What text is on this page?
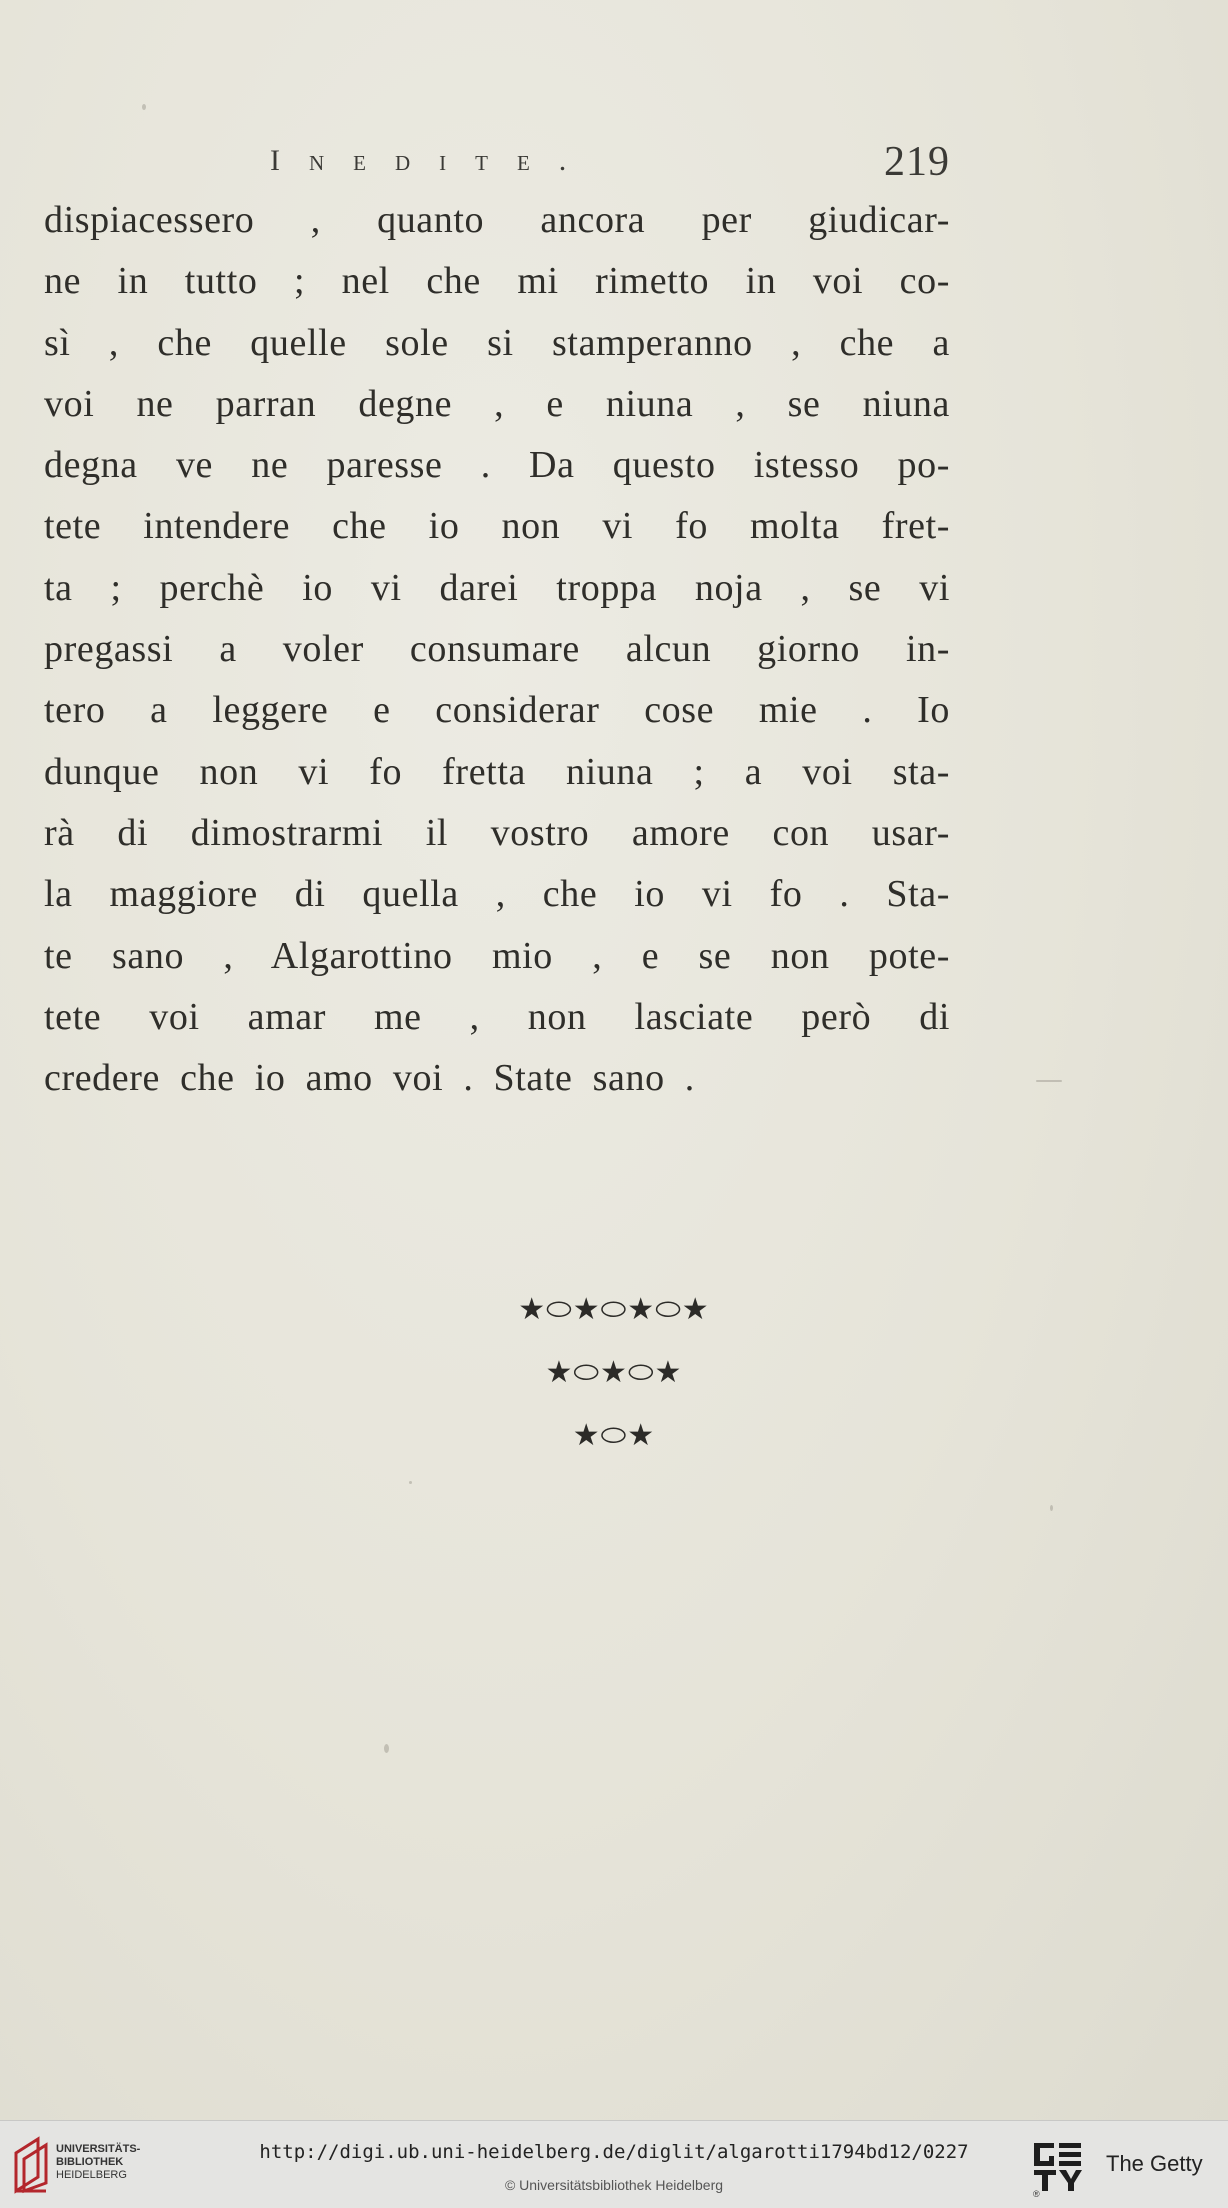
Inedite.	219
dispiacessero , quanto ancora per giudicar-
ne in tutto ; nel che mi rimetto in voi co-
sì , che quelle sole si stamperanno , che a
voi ne parran degne , e niuna , se niuna
degna ve ne paresse . Da questo istesso po-
tete intendere che io non vi fo molta fret-
ta ; perchè io vi darei troppa noja , se vi
pregassi a voler consumare alcun giorno in-
tero a leggere e considerar cose mie . Io
dunque non vi fo fretta niuna ; a voi sta-
rà di dimostrarmi il vostro amore con usar-
la maggiore di quella , che io vi fo . Sta-
te sano , Algarottino mio , e se non pote-
tete voi amar me , non lasciate però di
credere che io amo voi . State sano .
★⬭★⬭★⬭★
★⬭★⬭★
★⬭★
UNIVERSITÄTS-
BIBLIOTHEK
HEIDELBERG
http://digi.ub.uni-heidelberg.de/diglit/algarotti1794bd12/0227
© Universitätsbibliothek Heidelberg
®
The Getty
